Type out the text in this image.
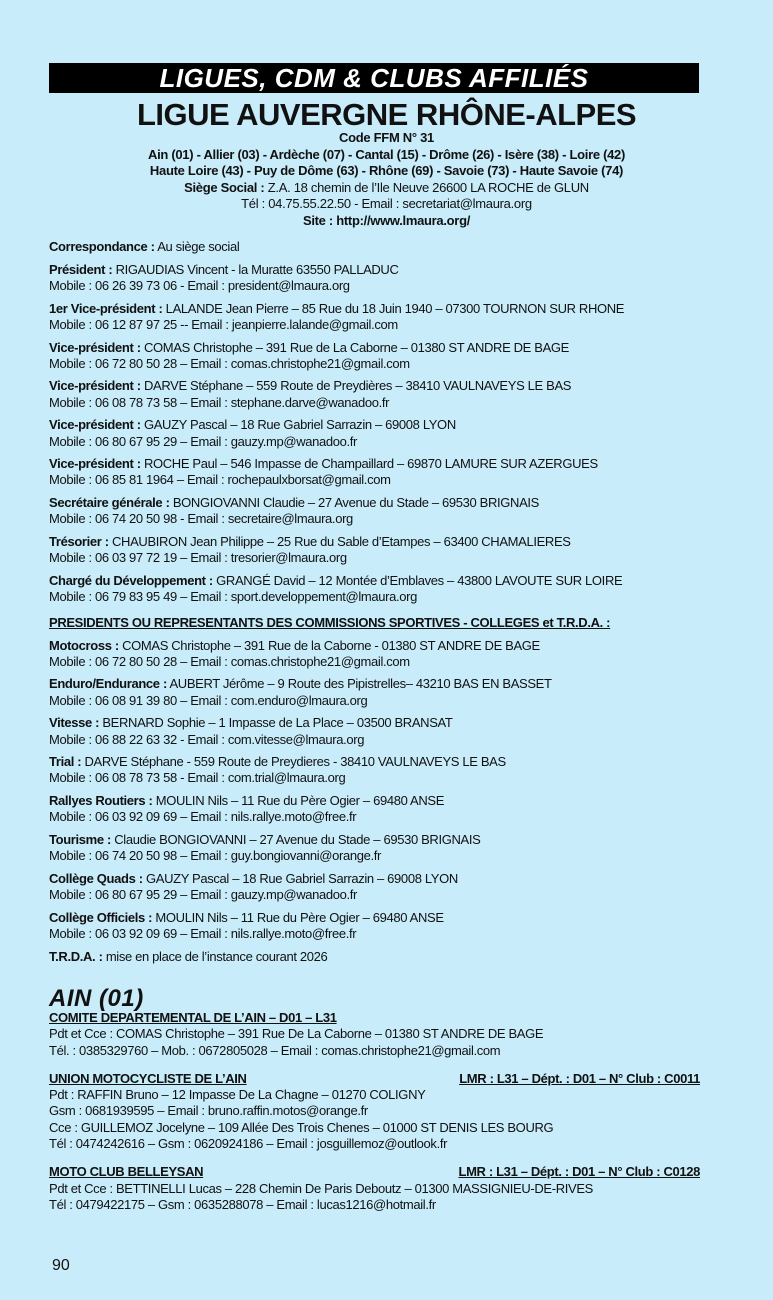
LIGUES, CDM & CLUBS AFFILIÉS
LIGUE AUVERGNE RHÔNE-ALPES
Code FFM N° 31
Ain (01) - Allier (03) - Ardèche (07) - Cantal (15) - Drôme (26) - Isère (38) - Loire (42)
Haute Loire (43) - Puy de Dôme (63) - Rhône (69) - Savoie (73) - Haute Savoie (74)
Siège Social : Z.A. 18 chemin de l’Ile Neuve 26600 LA ROCHE de GLUN
Tél : 04.75.55.22.50 - Email : secretariat@lmaura.org
Site : http://www.lmaura.org/
Correspondance : Au siège social
Président : RIGAUDIAS Vincent - la Muratte 63550 PALLADUC
Mobile : 06 26 39 73 06 - Email : president@lmaura.org
1er Vice-président : LALANDE Jean Pierre – 85 Rue du 18 Juin 1940 – 07300 TOURNON SUR RHONE
Mobile : 06 12 87 97 25 -- Email : jeanpierre.lalande@gmail.com
Vice-président : COMAS Christophe – 391 Rue de La Caborne – 01380 ST ANDRE DE BAGE
Mobile : 06 72 80 50 28 – Email : comas.christophe21@gmail.com
Vice-président : DARVE Stéphane – 559 Route de Preydières – 38410 VAULNAVEYS LE BAS
Mobile : 06 08 78 73 58 – Email : stephane.darve@wanadoo.fr
Vice-président : GAUZY Pascal – 18 Rue Gabriel Sarrazin – 69008 LYON
Mobile : 06 80 67 95 29 – Email : gauzy.mp@wanadoo.fr
Vice-président : ROCHE Paul – 546 Impasse de Champaillard – 69870 LAMURE SUR AZERGUES
Mobile : 06 85 81 1964 – Email : rochepaulxborsat@gmail.com
Secrétaire générale : BONGIOVANNI Claudie – 27 Avenue du Stade – 69530 BRIGNAIS
Mobile : 06 74 20 50 98 - Email : secretaire@lmaura.org
Trésorier : CHAUBIRON Jean Philippe – 25 Rue du Sable d’Etampes – 63400 CHAMALIERES
Mobile : 06 03 97 72 19 – Email : tresorier@lmaura.org
Chargé du Développement : GRANGÉ David – 12 Montée d’Emblaves – 43800 LAVOUTE SUR LOIRE
Mobile : 06 79 83 95 49 – Email : sport.developpement@lmaura.org
PRESIDENTS OU REPRESENTANTS DES COMMISSIONS SPORTIVES - COLLEGES et T.R.D.A. :
Motocross : COMAS Christophe – 391 Rue de la Caborne - 01380 ST ANDRE DE BAGE
Mobile : 06 72 80 50 28 – Email : comas.christophe21@gmail.com
Enduro/Endurance : AUBERT Jérôme – 9 Route des Pipistrelles– 43210 BAS EN BASSET
Mobile : 06 08 91 39 80 – Email : com.enduro@lmaura.org
Vitesse : BERNARD Sophie – 1 Impasse de La Place – 03500 BRANSAT
Mobile : 06 88 22 63 32 - Email : com.vitesse@lmaura.org
Trial : DARVE Stéphane - 559 Route de Preydieres - 38410 VAULNAVEYS LE BAS
Mobile : 06 08 78 73 58 - Email : com.trial@lmaura.org
Rallyes Routiers : MOULIN Nils – 11 Rue du Père Ogier – 69480 ANSE
Mobile : 06 03 92 09 69 – Email : nils.rallye.moto@free.fr
Tourisme : Claudie BONGIOVANNI – 27 Avenue du Stade – 69530 BRIGNAIS
Mobile : 06 74 20 50 98 – Email : guy.bongiovanni@orange.fr
Collège Quads : GAUZY Pascal – 18 Rue Gabriel Sarrazin – 69008 LYON
Mobile : 06 80 67 95 29 – Email : gauzy.mp@wanadoo.fr
Collège Officiels : MOULIN Nils – 11 Rue du Père Ogier – 69480 ANSE
Mobile : 06 03 92 09 69 – Email : nils.rallye.moto@free.fr
T.R.D.A. : mise en place de l’instance courant 2026
AIN (01)
COMITE DEPARTEMENTAL DE L’AIN – D01 – L31
Pdt et Cce : COMAS Christophe – 391 Rue De La Caborne – 01380 ST ANDRE DE BAGE
Tél. : 0385329760 – Mob. : 0672805028 – Email : comas.christophe21@gmail.com
UNION MOTOCYCLISTE DE L’AIN	LMR : L31 – Dépt. : D01 – N° Club : C0011
Pdt : RAFFIN Bruno – 12 Impasse De La Chagne – 01270 COLIGNY
Gsm : 0681939595 – Email : bruno.raffin.motos@orange.fr
Cce : GUILLEMOZ Jocelyne – 109 Allée Des Trois Chenes – 01000 ST DENIS LES BOURG
Tél : 0474242616 – Gsm : 0620924186 – Email : josguillemoz@outlook.fr
MOTO CLUB BELLEYSAN	LMR : L31 – Dépt. : D01 – N° Club : C0128
Pdt et Cce : BETTINELLI Lucas – 228 Chemin De Paris Deboutz – 01300 MASSIGNIEU-DE-RIVES
Tél : 0479422175 – Gsm : 0635288078 – Email : lucas1216@hotmail.fr
90
